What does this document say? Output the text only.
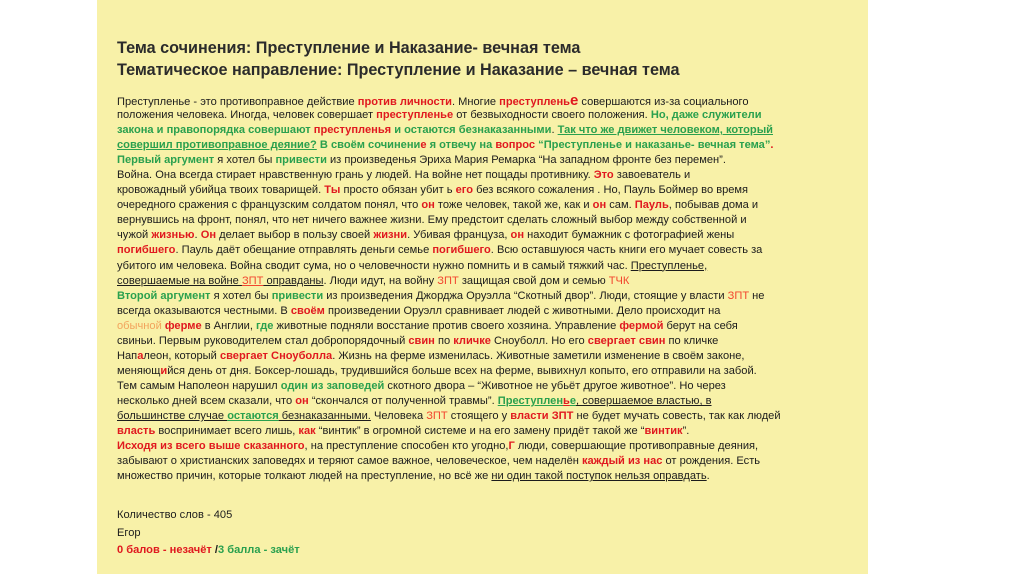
Тема сочинения: Преступление и Наказание- вечная тема
Тематическое направление: Преступление и Наказание – вечная тема
Преступленье - это противоправное действие против личности. Многие преступленье совершаются из-за социального
положения человека. Иногда, человек совершает преступленье от безвыходности своего положения. Но, даже служители
закона и правопорядка совершают преступленья и остаются безнаказанными. Так что же движет человеком, который
совершил противоправное деяние? В своём сочинение я отвечу на вопрос “Преступленье и наказанье- вечная тема”.
Первый аргумент я хотел бы привести из произведенья Эриха Мария Ремарка “На западном фронте без перемен”.
Война. Она всегда стирает нравственную грань у людей. На войне нет пощады противнику. Это завоеватель и
кровожадный убийца твоих товарищей. Ты просто обязан убит ь его без всякого сожаления . Но, Пауль Боймер во время
очередного сражения с французским солдатом понял, что он тоже человек, такой же, как и он сам. Пауль, побывав дома и
вернувшись на фронт, понял, что нет ничего важнее жизни. Ему предстоит сделать сложный выбор между собственной и
чужой жизнью. Он делает выбор в пользу своей жизни. Убивая француза, он находит бумажник с фотографией жены
погибшего. Пауль даёт обещание отправлять деньги семье погибшего. Всю оставшуюся часть книги его мучает совесть за
убитого им человека. Война сводит сума, но о человечности нужно помнить и в самый тяжкий час. Преступленье,
совершаемые на войне ЗПТ оправданы. Люди идут, на войну ЗПТ защищая свой дом и семью ТЧК
Второй аргумент я хотел бы привести из произведения Джорджа Оруэлла “Скотный двор”. Люди, стоящие у власти ЗПТ не
всегда оказываются честными. В своём произведении Оруэлл сравнивает людей с животными. Дело происходит на
обычной ферме в Англии, где животные подняли восстание против своего хозяина. Управление фермой берут на себя
свиньи. Первым руководителем стал добропорядочный свин по кличке Сноуболл. Но его свергает свин по кличке
Напалеон, который свергает Сноуболла. Жизнь на ферме изменилась. Животные заметили изменение в своём законе,
меняющийся день от дня. Боксер-лошадь, трудившийся больше всех на ферме, вывихнул копыто, его отправили на забой.
Тем самым Наполеон нарушил один из заповедей скотного двора – “Животное не убьёт другое животное”. Но через
несколько дней всем сказали, что он “скончался от полученной травмы”. Преступленье, совершаемое властью, в
большинстве случае остаются безнаказанными. Человека ЗПТ стоящего у власти ЗПТ не будет мучать совесть, так как людей
власть воспринимает всего лишь, как “винтик” в огромной системе и на его замену придёт такой же “винтик”.
Исходя из всего выше сказанного, на преступление способен кто угодно,Г люди, совершающие противоправные деяния,
забывают о христианских заповедях и теряют самое важное, человеческое, чем наделён каждый из нас от рождения. Есть
множество причин, которые толкают людей на преступление, но всё же ни один такой поступок нельзя оправдать.
Количество слов - 405
Егор
0 балов - незачёт /3 балла - зачёт
